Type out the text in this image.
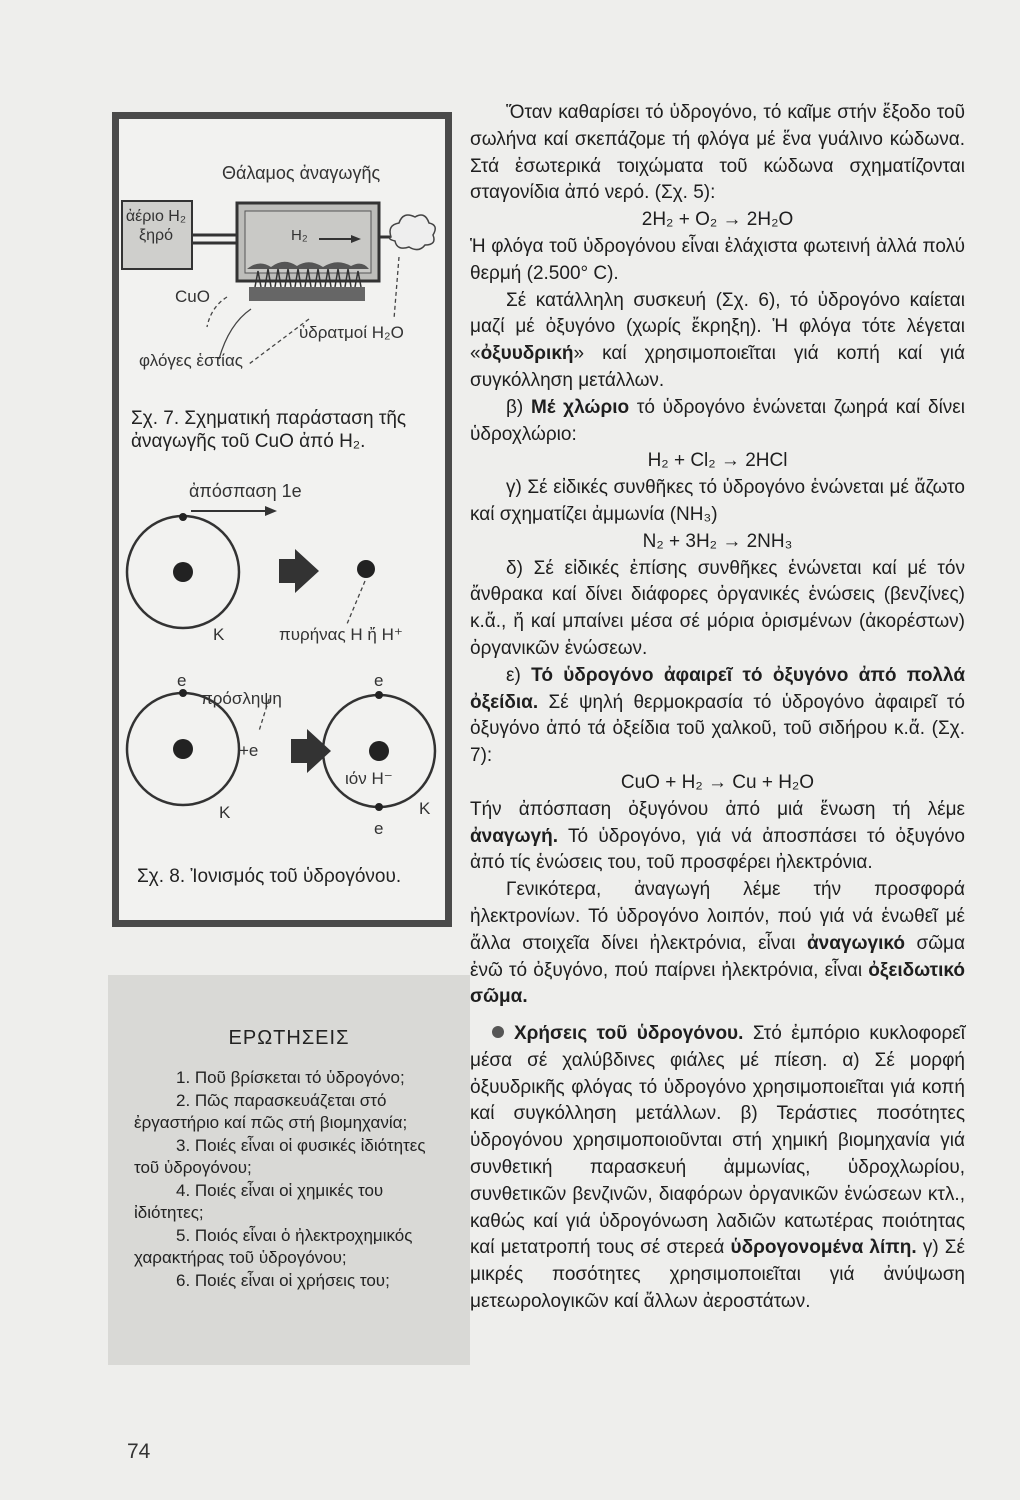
Θάλαμος ἀναγωγῆς
ἀέριο H₂ ξηρό	H₂
CuO
ὑδρατμοί H₂O
φλόγες ἑστίας
Σχ. 7. Σχηματική παράσταση τῆς ἀναγωγῆς τοῦ CuO ἀπό H₂.
ἀπόσπαση 1e
K	πυρήνας H ἤ H⁺
e	e
πρόσληψη
+e
ιόν H⁻
K	K
e
Σχ. 8. Ἰονισμός τοῦ ὑδρογόνου.
ΕΡΩΤΗΣΕΙΣ

1. Ποῦ βρίσκεται τό ὑδρογόνο;

2. Πῶς παρασκευάζεται στό ἐργαστήριο καί πῶς στή βιομηχανία;

3. Ποιές εἶναι οἱ φυσικές ἰδιότητες τοῦ ὑδρογόνου;

4. Ποιές εἶναι οἱ χημικές του ἰδιότητες;

5. Ποιός εἶναι ὁ ἠλεκτροχημικός χαρακτήρας τοῦ ὑδρογόνου;

6. Ποιές εἶναι οἱ χρήσεις του;

Ὅταν καθαρίσει τό ὑδρογόνο, τό καῖμε στήν ἔξοδο τοῦ σωλήνα καί σκεπάζομε τή φλόγα μέ ἕνα γυάλινο κώδωνα. Στά ἐσωτερικά τοιχώματα τοῦ κώδωνα σχηματίζονται σταγονίδια ἀπό νερό. (Σχ. 5):

2H₂ + O₂ → 2H₂O

Ἡ φλόγα τοῦ ὑδρογόνου εἶναι ἐλάχιστα φωτεινή ἀλλά πολύ θερμή (2.500° C).

Σέ κατάλληλη συσκευή (Σχ. 6), τό ὑδρογόνο καίεται μαζί μέ ὀξυγόνο (χωρίς ἔκρηξη). Ἡ φλόγα τότε λέγεται «ὀξυυδρική» καί χρησιμοποιεῖται γιά κοπή καί γιά συγκόλληση μετάλλων.

β) Μέ χλώριο τό ὑδρογόνο ἑνώνεται ζωηρά καί δίνει ὑδροχλώριο:

H₂ + Cl₂ → 2HCl

γ) Σέ εἰδικές συνθῆκες τό ὑδρογόνο ἑνώνεται μέ ἄζωτο καί σχηματίζει ἀμμωνία (NH₃)

N₂ + 3H₂ → 2NH₃

δ) Σέ εἰδικές ἐπίσης συνθῆκες ἑνώνεται καί μέ τόν ἄνθρακα καί δίνει διάφορες ὀργανικές ἑνώσεις (βενζίνες) κ.ἄ., ἤ καί μπαίνει μέσα σέ μόρια ὁρισμένων (ἀκορέστων) ὀργανικῶν ἑνώσεων.

ε) Τό ὑδρογόνο ἀφαιρεῖ τό ὀξυγόνο ἀπό πολλά ὀξείδια. Σέ ψηλή θερμοκρασία τό ὑδρογόνο ἀφαιρεῖ τό ὀξυγόνο ἀπό τά ὀξείδια τοῦ χαλκοῦ, τοῦ σιδήρου κ.ἄ. (Σχ. 7):

CuO + H₂ → Cu + H₂O

Τήν ἀπόσπαση ὀξυγόνου ἀπό μιά ἕνωση τή λέμε ἀναγωγή. Τό ὑδρογόνο, γιά νά ἀποσπάσει τό ὀξυγόνο ἀπό τίς ἑνώσεις του, τοῦ προσφέρει ἠλεκτρόνια.

Γενικότερα, ἀναγωγή λέμε τήν προσφορά ἠλεκτρονίων. Τό ὑδρογόνο λοιπόν, πού γιά νά ἑνωθεῖ μέ ἄλλα στοιχεῖα δίνει ἠλεκτρόνια, εἶναι ἀναγωγικό σῶμα ἐνῶ τό ὀξυγόνο, πού παίρνει ἠλεκτρόνια, εἶναι ὀξειδωτικό σῶμα.

Χρήσεις τοῦ ὑδρογόνου. Στό ἐμπόριο κυκλοφορεῖ μέσα σέ χαλύβδινες φιάλες μέ πίεση. α) Σέ μορφή ὀξυυδρικῆς φλόγας τό ὑδρογόνο χρησιμοποιεῖται γιά κοπή καί συγκόλληση μετάλλων. β) Τεράστιες ποσότητες ὑδρογόνου χρησιμοποιοῦνται στή χημική βιομηχανία γιά συνθετική παρασκευή ἀμμωνίας, ὑδροχλωρίου, συνθετικῶν βενζινῶν, διαφόρων ὀργανικῶν ἑνώσεων κτλ., καθώς καί γιά ὑδρογόνωση λαδιῶν κατωτέρας ποιότητας καί μετατροπή τους σέ στερεά ὑδρογονομένα λίπη. γ) Σέ μικρές ποσότητες χρησιμοποιεῖται γιά ἀνύψωση μετεωρολογικῶν καί ἄλλων ἀεροστάτων.

74
